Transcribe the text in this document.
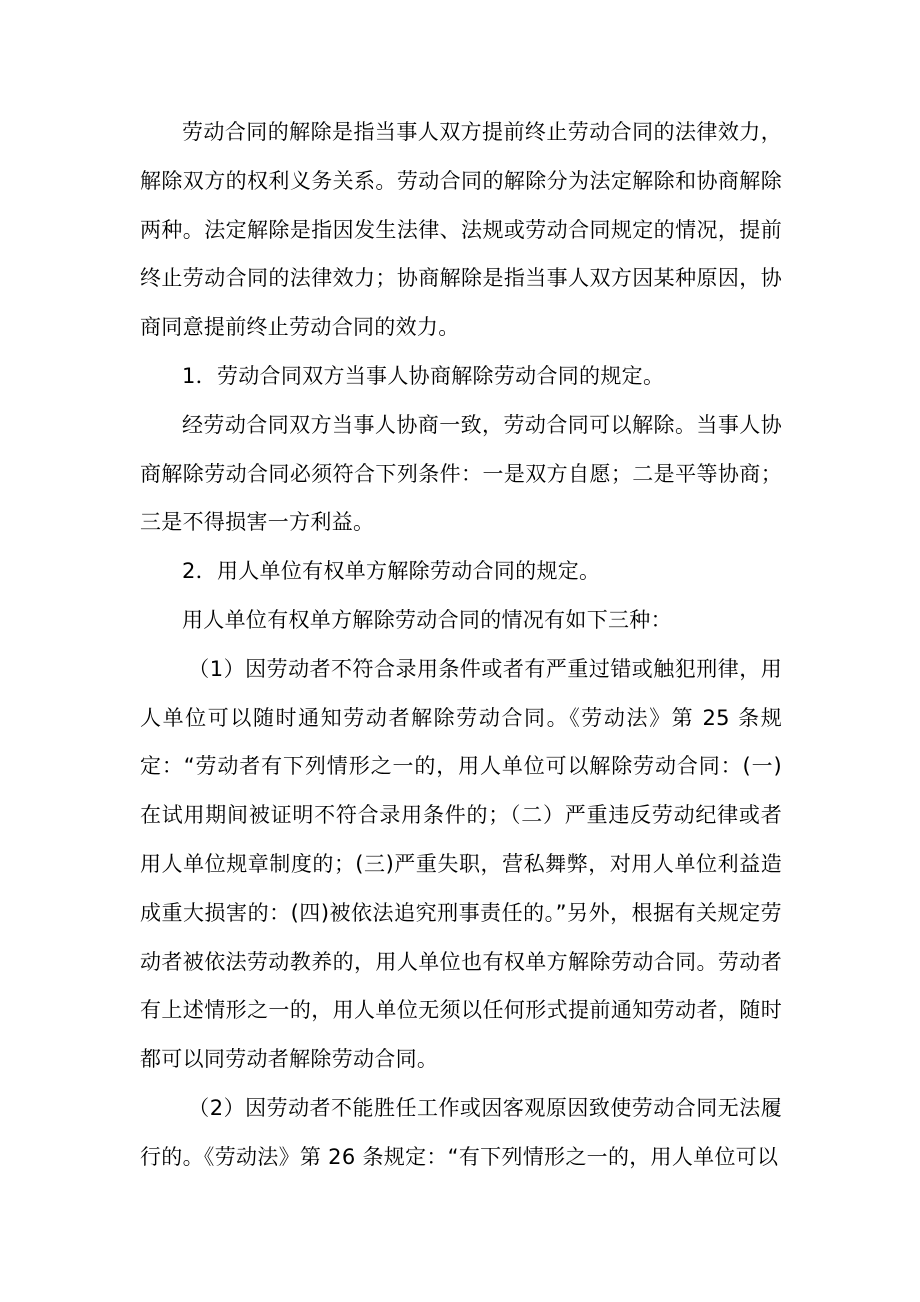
劳动合同的解除是指当事人双方提前终止劳动合同的法律效力，解除双方的权利义务关系。劳动合同的解除分为法定解除和协商解除两种。法定解除是指因发生法律、法规或劳动合同规定的情况，提前终止劳动合同的法律效力；协商解除是指当事人双方因某种原因，协商同意提前终止劳动合同的效力。

1．劳动合同双方当事人协商解除劳动合同的规定。

经劳动合同双方当事人协商一致，劳动合同可以解除。当事人协商解除劳动合同必须符合下列条件：一是双方自愿；二是平等协商；三是不得损害一方利益。

2．用人单位有权单方解除劳动合同的规定。

用人单位有权单方解除劳动合同的情况有如下三种：

（1）因劳动者不符合录用条件或者有严重过错或触犯刑律，用人单位可以随时通知劳动者解除劳动合同。《劳动法》第 25 条规定：“劳动者有下列情形之一的，用人单位可以解除劳动合同：(一)在试用期间被证明不符合录用条件的；（二）严重违反劳动纪律或者用人单位规章制度的；(三)严重失职，营私舞弊，对用人单位利益造成重大损害的：(四)被依法追究刑事责任的。”另外，根据有关规定劳动者被依法劳动教养的，用人单位也有权单方解除劳动合同。劳动者有上述情形之一的，用人单位无须以任何形式提前通知劳动者，随时都可以同劳动者解除劳动合同。

（2）因劳动者不能胜任工作或因客观原因致使劳动合同无法履行的。《劳动法》第 26 条规定：“有下列情形之一的，用人单位可以
